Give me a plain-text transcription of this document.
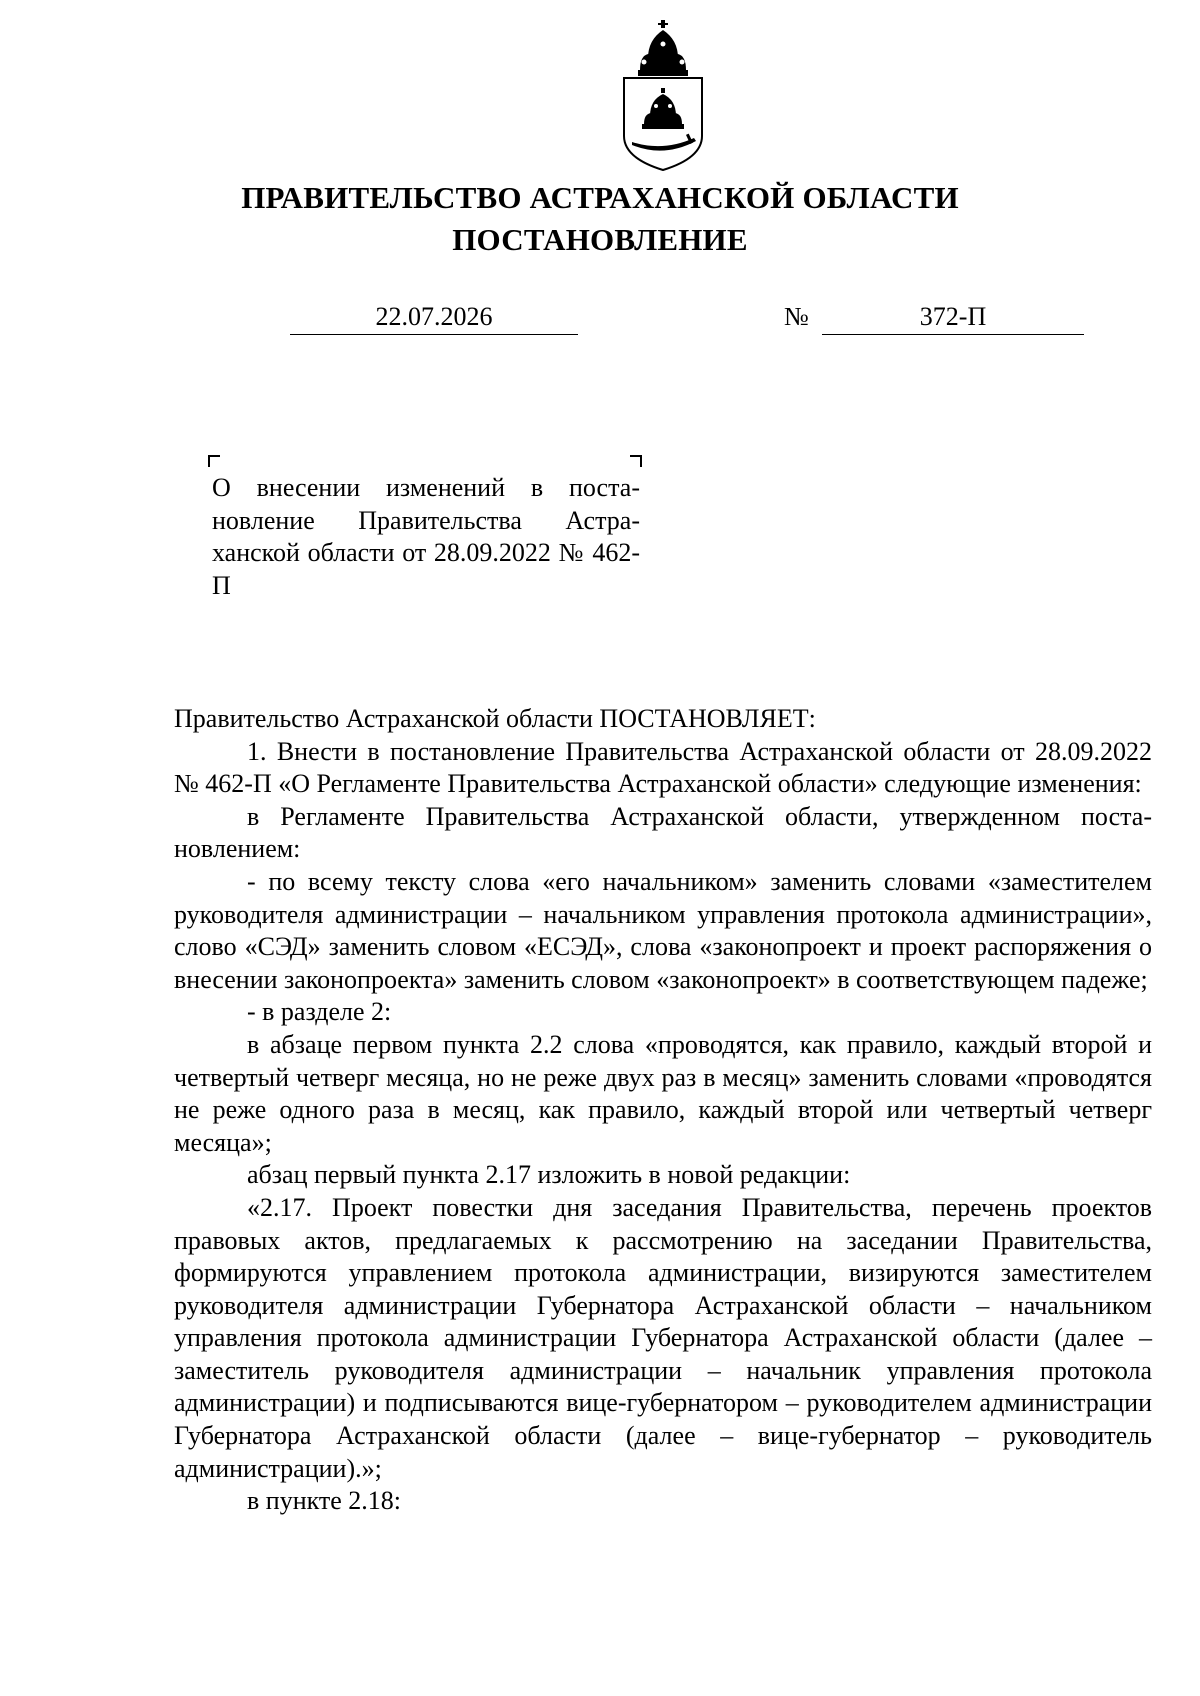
ПРАВИТЕЛЬСТВО АСТРАХАНСКОЙ ОБЛАСТИ
ПОСТАНОВЛЕНИЕ
22.07.2026	№	372-П
О внесении изменений в постановление Правительства Астраханской области от 28.09.2022 № 462-П

Правительство Астраханской области ПОСТАНОВЛЯЕТ:

1. Внести в постановление Правительства Астраханской области от 28.09.2022 № 462-П «О Регламенте Правительства Астраханской области» следующие изменения:

в Регламенте Правительства Астраханской области, утвержденном постановлением:

- по всему тексту слова «его начальником» заменить словами «заместителем руководителя администрации – начальником управления протокола администрации», слово «СЭД» заменить словом «ЕСЭД», слова «законопроект и проект распоряжения о внесении законопроекта» заменить словом «законопроект» в соответствующем падеже;

- в разделе 2:

в абзаце первом пункта 2.2 слова «проводятся, как правило, каждый второй и четвертый четверг месяца, но не реже двух раз в месяц» заменить словами «проводятся не реже одного раза в месяц, как правило, каждый второй или четвертый четверг месяца»;

абзац первый пункта 2.17 изложить в новой редакции:

«2.17. Проект повестки дня заседания Правительства, перечень проектов правовых актов, предлагаемых к рассмотрению на заседании Правительства, формируются управлением протокола администрации, визируются заместителем руководителя администрации Губернатора Астраханской области – начальником управления протокола администрации Губернатора Астраханской области (далее – заместитель руководителя администрации – начальник управления протокола администрации) и подписываются вице-губернатором – руководителем администрации Губернатора Астраханской области (далее – вице-губернатор – руководитель администрации).»;

в пункте 2.18:
